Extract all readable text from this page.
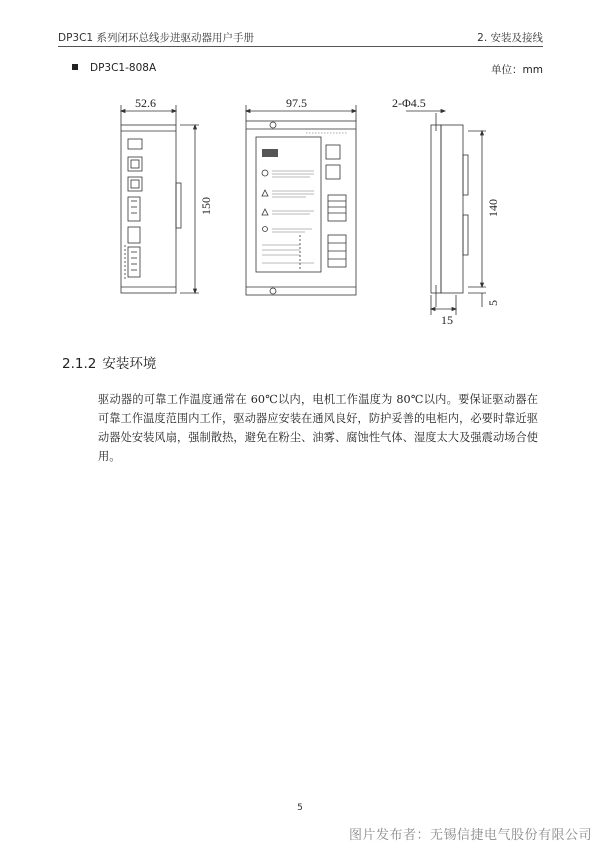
DP3C1 系列闭环总线步进驱动器用户手册	2. 安装及接线
DP3C1-808A	单位：mm
52.6	97.5	2-Φ4.5
150	140
5
15
2.1.2 安装环境

驱动器的可靠工作温度通常在 60℃以内，电机工作温度为 80℃以内。要保证驱动器在可靠工作温度范围内工作，驱动器应安装在通风良好，防护妥善的电柜内，必要时靠近驱动器处安装风扇，强制散热，避免在粉尘、油雾、腐蚀性气体、湿度太大及强震动场合使用。

5
图片发布者：无锡信捷电气股份有限公司
